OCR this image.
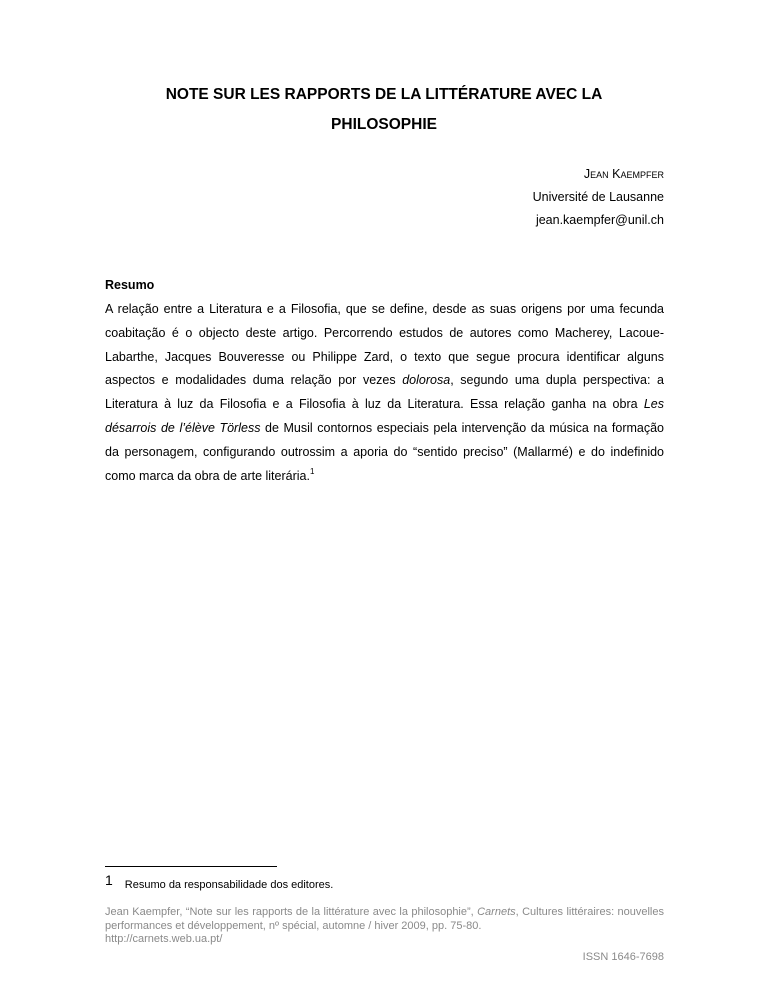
NOTE SUR LES RAPPORTS DE LA LITTÉRATURE AVEC LA
PHILOSOPHIE
Jean Kaempfer
Université de Lausanne
jean.kaempfer@unil.ch
Resumo
A relação entre a Literatura e a Filosofia, que se define, desde as suas origens por uma fecunda coabitação é o objecto deste artigo. Percorrendo estudos de autores como Macherey, Lacoue-Labarthe, Jacques Bouveresse ou Philippe Zard, o texto que segue procura identificar alguns aspectos e modalidades duma relação por vezes dolorosa, segundo uma dupla perspectiva: a Literatura à luz da Filosofia e a Filosofia à luz da Literatura. Essa relação ganha na obra Les désarrois de l’élève Törless de Musil contornos especiais pela intervenção da música na formação da personagem, configurando outrossim a aporia do “sentido preciso” (Mallarmé) e do indefinido como marca da obra de arte literária.$^1$
1 Resumo da responsabilidade dos editores.
Jean Kaempfer, “Note sur les rapports de la littérature avec la philosophie”, Carnets, Cultures littéraires: nouvelles performances et développement, nº spécial, automne / hiver 2009, pp. 75-80.
http://carnets.web.ua.pt/
ISSN 1646-7698
